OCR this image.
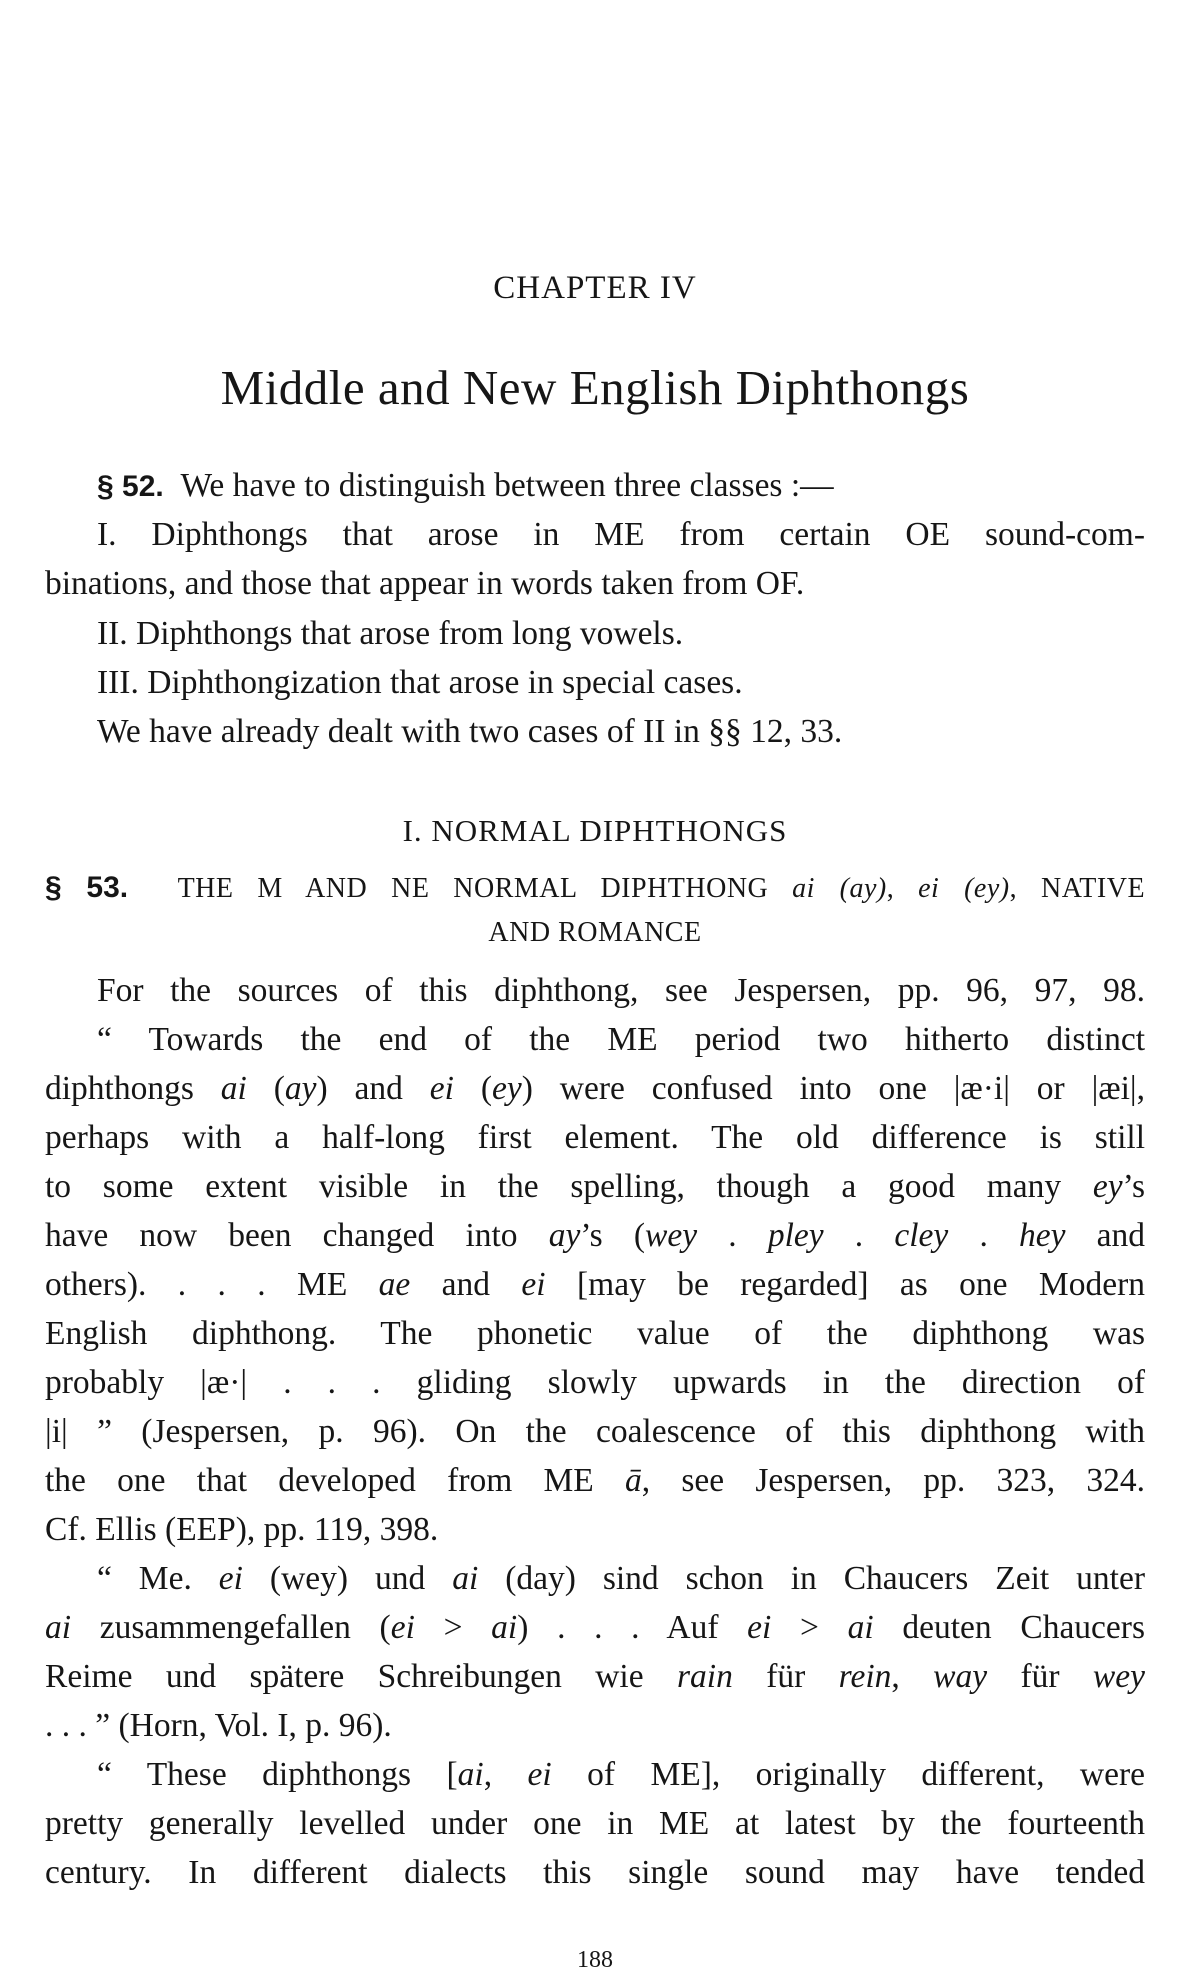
CHAPTER IV
Middle and New English Diphthongs
§ 52. We have to distinguish between three classes :—
I. Diphthongs that arose in ME from certain OE sound-com-
binations, and those that appear in words taken from OF.
II. Diphthongs that arose from long vowels.
III. Diphthongization that arose in special cases.
We have already dealt with two cases of II in §§ 12, 33.
I. NORMAL DIPHTHONGS
§ 53. THE M AND NE NORMAL DIPHTHONG ai (ay), ei (ey), NATIVE
AND ROMANCE
For the sources of this diphthong, see Jespersen, pp. 96, 97, 98.
“ Towards the end of the ME period two hitherto distinct
diphthongs ai (ay) and ei (ey) were confused into one |æ·i| or |æi|,
perhaps with a half-long first element. The old difference is still
to some extent visible in the spelling, though a good many ey’s
have now been changed into ay’s (wey . pley . cley . hey and
others). . . . ME ae and ei [may be regarded] as one Modern
English diphthong. The phonetic value of the diphthong was
probably |æ·| . . . gliding slowly upwards in the direction of
|i| ” (Jespersen, p. 96). On the coalescence of this diphthong with
the one that developed from ME ā, see Jespersen, pp. 323, 324.
Cf. Ellis (EEP), pp. 119, 398.
“ Me. ei (wey) und ai (day) sind schon in Chaucers Zeit unter
ai zusammengefallen (ei > ai) . . . Auf ei > ai deuten Chaucers
Reime und spätere Schreibungen wie rain für rein, way für wey
. . . ” (Horn, Vol. I, p. 96).
“ These diphthongs [ai, ei of ME], originally different, were
pretty generally levelled under one in ME at latest by the fourteenth
century. In different dialects this single sound may have tended
188
